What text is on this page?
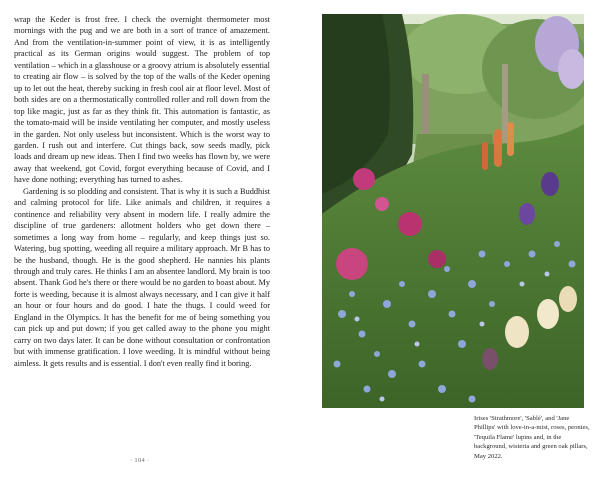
wrap the Keder is frost free. I check the overnight thermometer most mornings with the pug and we are both in a sort of trance of amazement. And from the ventilation-in-summer point of view, it is as intelligently practical as its German origins would suggest. The problem of top ventilation – which in a glasshouse or a groovy atrium is absolutely essential to creating air flow – is solved by the top of the walls of the Keder opening up to let out the heat, thereby sucking in fresh cool air at floor level. Most of both sides are on a thermostatically controlled roller and roll down from the top like magic, just as far as they think fit. This automation is fantastic, as the tomato-maid will be inside ventilating her computer, and mostly useless in the garden. Not only useless but inconsistent. Which is the worst way to garden. I rush out and interfere. Cut things back, sow seeds madly, pick loads and dream up new ideas. Then I find two weeks has flown by, we were away that weekend, got Covid, forgot everything because of Covid, and I have done nothing; everything has turned to ashes.

Gardening is so plodding and consistent. That is why it is such a Buddhist and calming protocol for life. Like animals and children, it requires a continence and reliability very absent in modern life. I really admire the discipline of true gardeners: allotment holders who get down there – sometimes a long way from home – regularly, and keep things just so. Watering, bug spotting, weeding all require a military approach. Mr B has to be the husband, though. He is the good shepherd. He nannies his plants through and truly cares. He thinks I am an absentee landlord. My brain is too absent. Thank God he's there or there would be no garden to boast about. My forte is weeding, because it is almost always necessary, and I can give it half an hour or four hours and do good. I hate the thugs. I could weed for England in the Olympics. It has the benefit for me of being something you can pick up and put down; if you get called away to the phone you might carry on two days later. It can be done without consultation or confrontation but with immense gratification. I love weeding. It is mindful without being aimless. It gets results and is essential. I don't even really find it boring.

· 104 ·
Irises 'Strathmore', 'Sablé', and 'Jane Phillips' with love-in-a-mist, roses, peonies, 'Tequila Flame' lupins and, in the background, wisteria and green oak pillars, May 2022.
